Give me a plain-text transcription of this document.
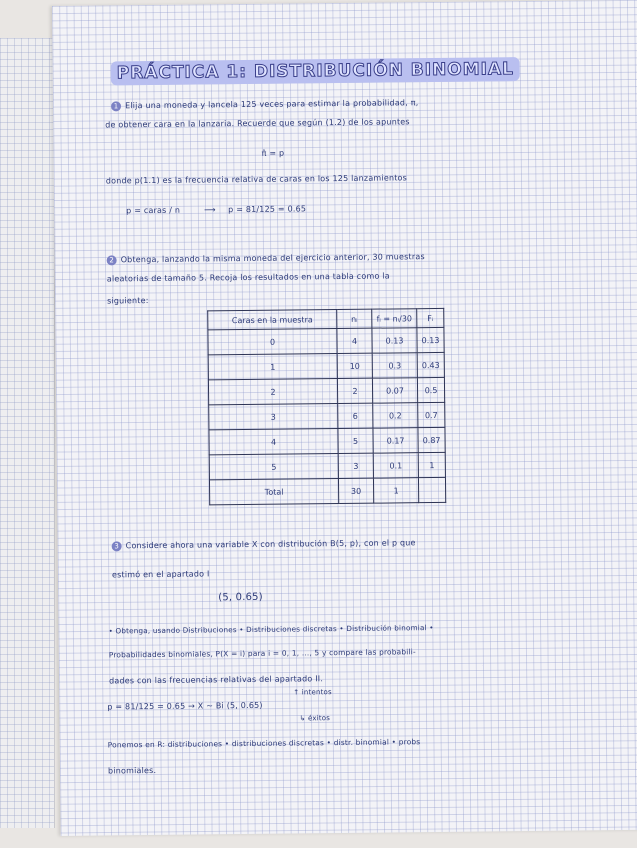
PRÁCTICA 1: DISTRIBUCIÓN BINOMIAL
1 Elija una moneda y lancela 125 veces para estimar la probabilidad, π,
de obtener cara en la lanzaria. Recuerde que según (1.2) de los apuntes
π̂ = p
donde p(1.1) es la frecuencia relativa de caras en los 125 lanzamientos
p = caras / n	⟶ p = 81/125 = 0.65
2 Obtenga, lanzando la misma moneda del ejercicio anterior, 30 muestras
aleatorias de tamaño 5. Recoja los resultados en una tabla como la
siguiente:
Caras en la muestra	nᵢ	fᵢ = nᵢ/30	Fᵢ
0	4	0.13	0.13
1	10	0.3	0.43
2	2	0.07	0.5
3	6	0.2	0.7
4	5	0.17	0.87
5	3	0.1	1
Total	30	1	
3 Considere ahora una variable X con distribución B(5, p), con el p que
estimó en el apartado I
(5, 0.65)
• Obtenga, usando Distribuciones • Distribuciones discretas • Distribución binomial •
Probabilidades binomiales, P(X = i) para i = 0, 1, ..., 5 y compare las probabili-
dades con las frecuencias relativas del apartado II.
↑ intentos
p = 81/125 = 0.65 → X ~ Bi (5, 0.65)
↳ éxitos
Ponemos en R: distribuciones • distribuciones discretas • distr. binomial • probs
binomiales.
